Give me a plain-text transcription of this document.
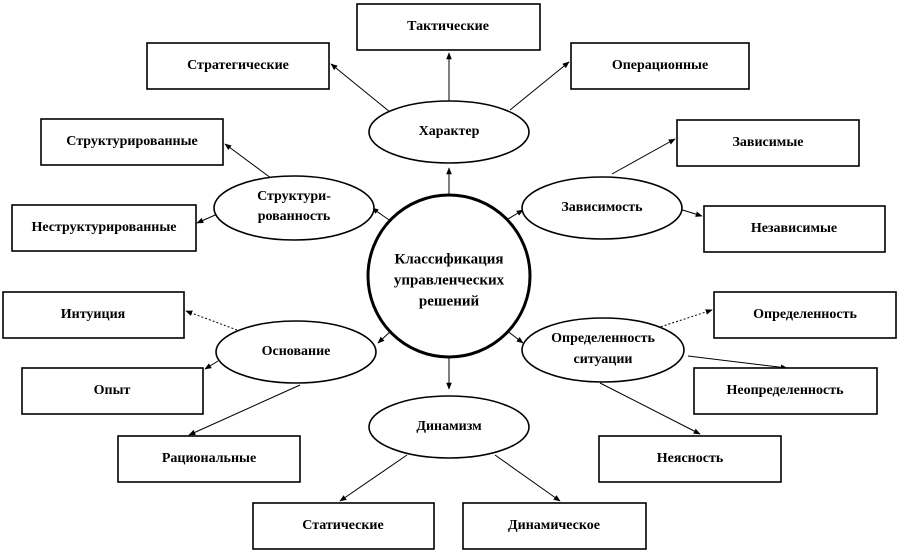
Классификация
управленческих
решений
Характер
Структури-
рованность
Зависимость
Основание
Определенность
ситуации
Динамизм
Тактические
Стратегические	Операционные
Структурированные
Неструктурированные
Зависимые
Независимые
Интуиция
Опыт
Рациональные
Определенность
Неопределенность
Неясность
Статические	Динамическое
